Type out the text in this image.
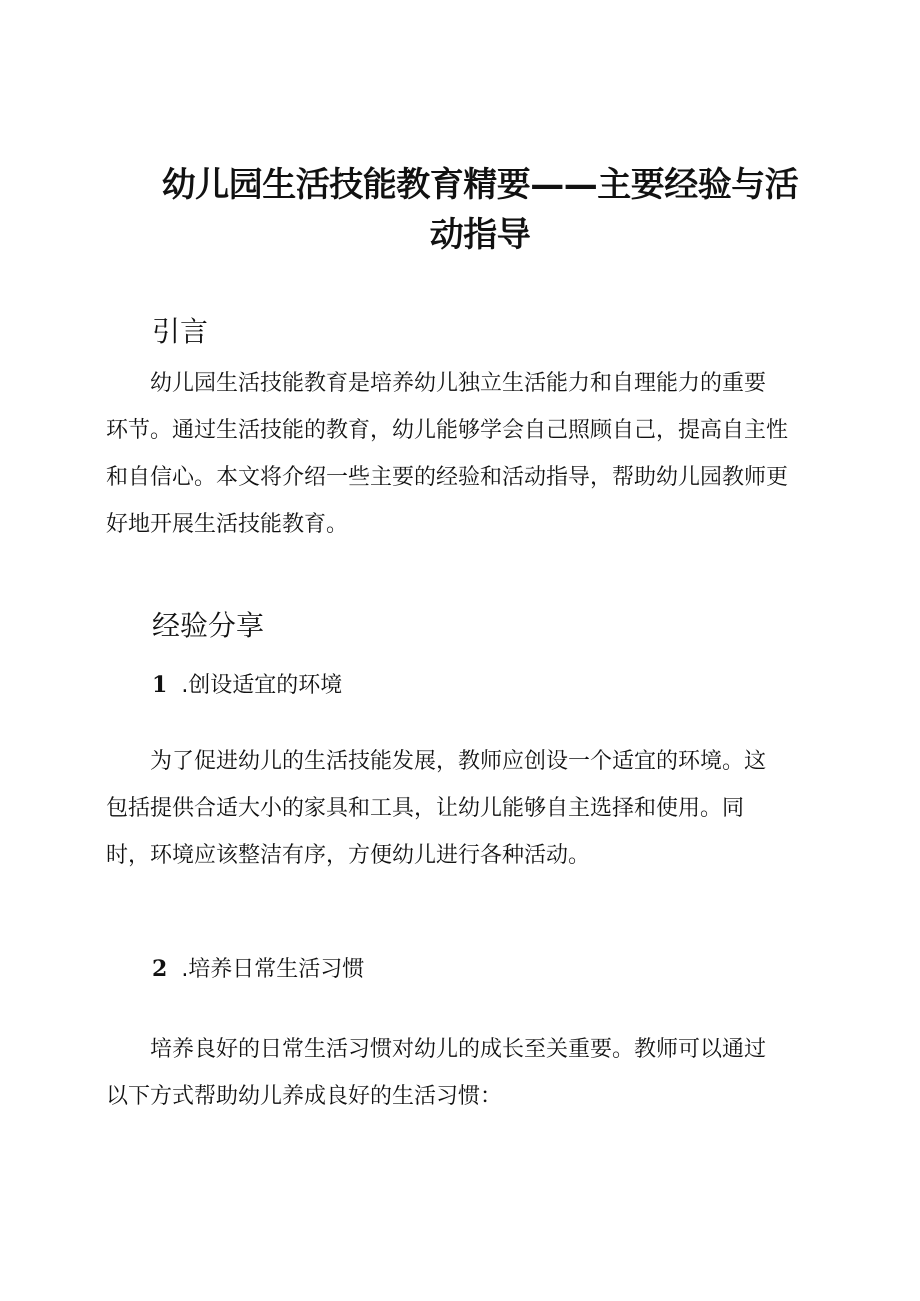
幼儿园生活技能教育精要——主要经验与活
动指导
引言
幼儿园生活技能教育是培养幼儿独立生活能力和自理能力的重要
环节。通过生活技能的教育，幼儿能够学会自己照顾自己，提高自主性
和自信心。本文将介绍一些主要的经验和活动指导，帮助幼儿园教师更
好地开展生活技能教育。
经验分享
1 .创设适宜的环境
为了促进幼儿的生活技能发展，教师应创设一个适宜的环境。这
包括提供合适大小的家具和工具，让幼儿能够自主选择和使用。同
时，环境应该整洁有序，方便幼儿进行各种活动。
2 .培养日常生活习惯
培养良好的日常生活习惯对幼儿的成长至关重要。教师可以通过
以下方式帮助幼儿养成良好的生活习惯：
